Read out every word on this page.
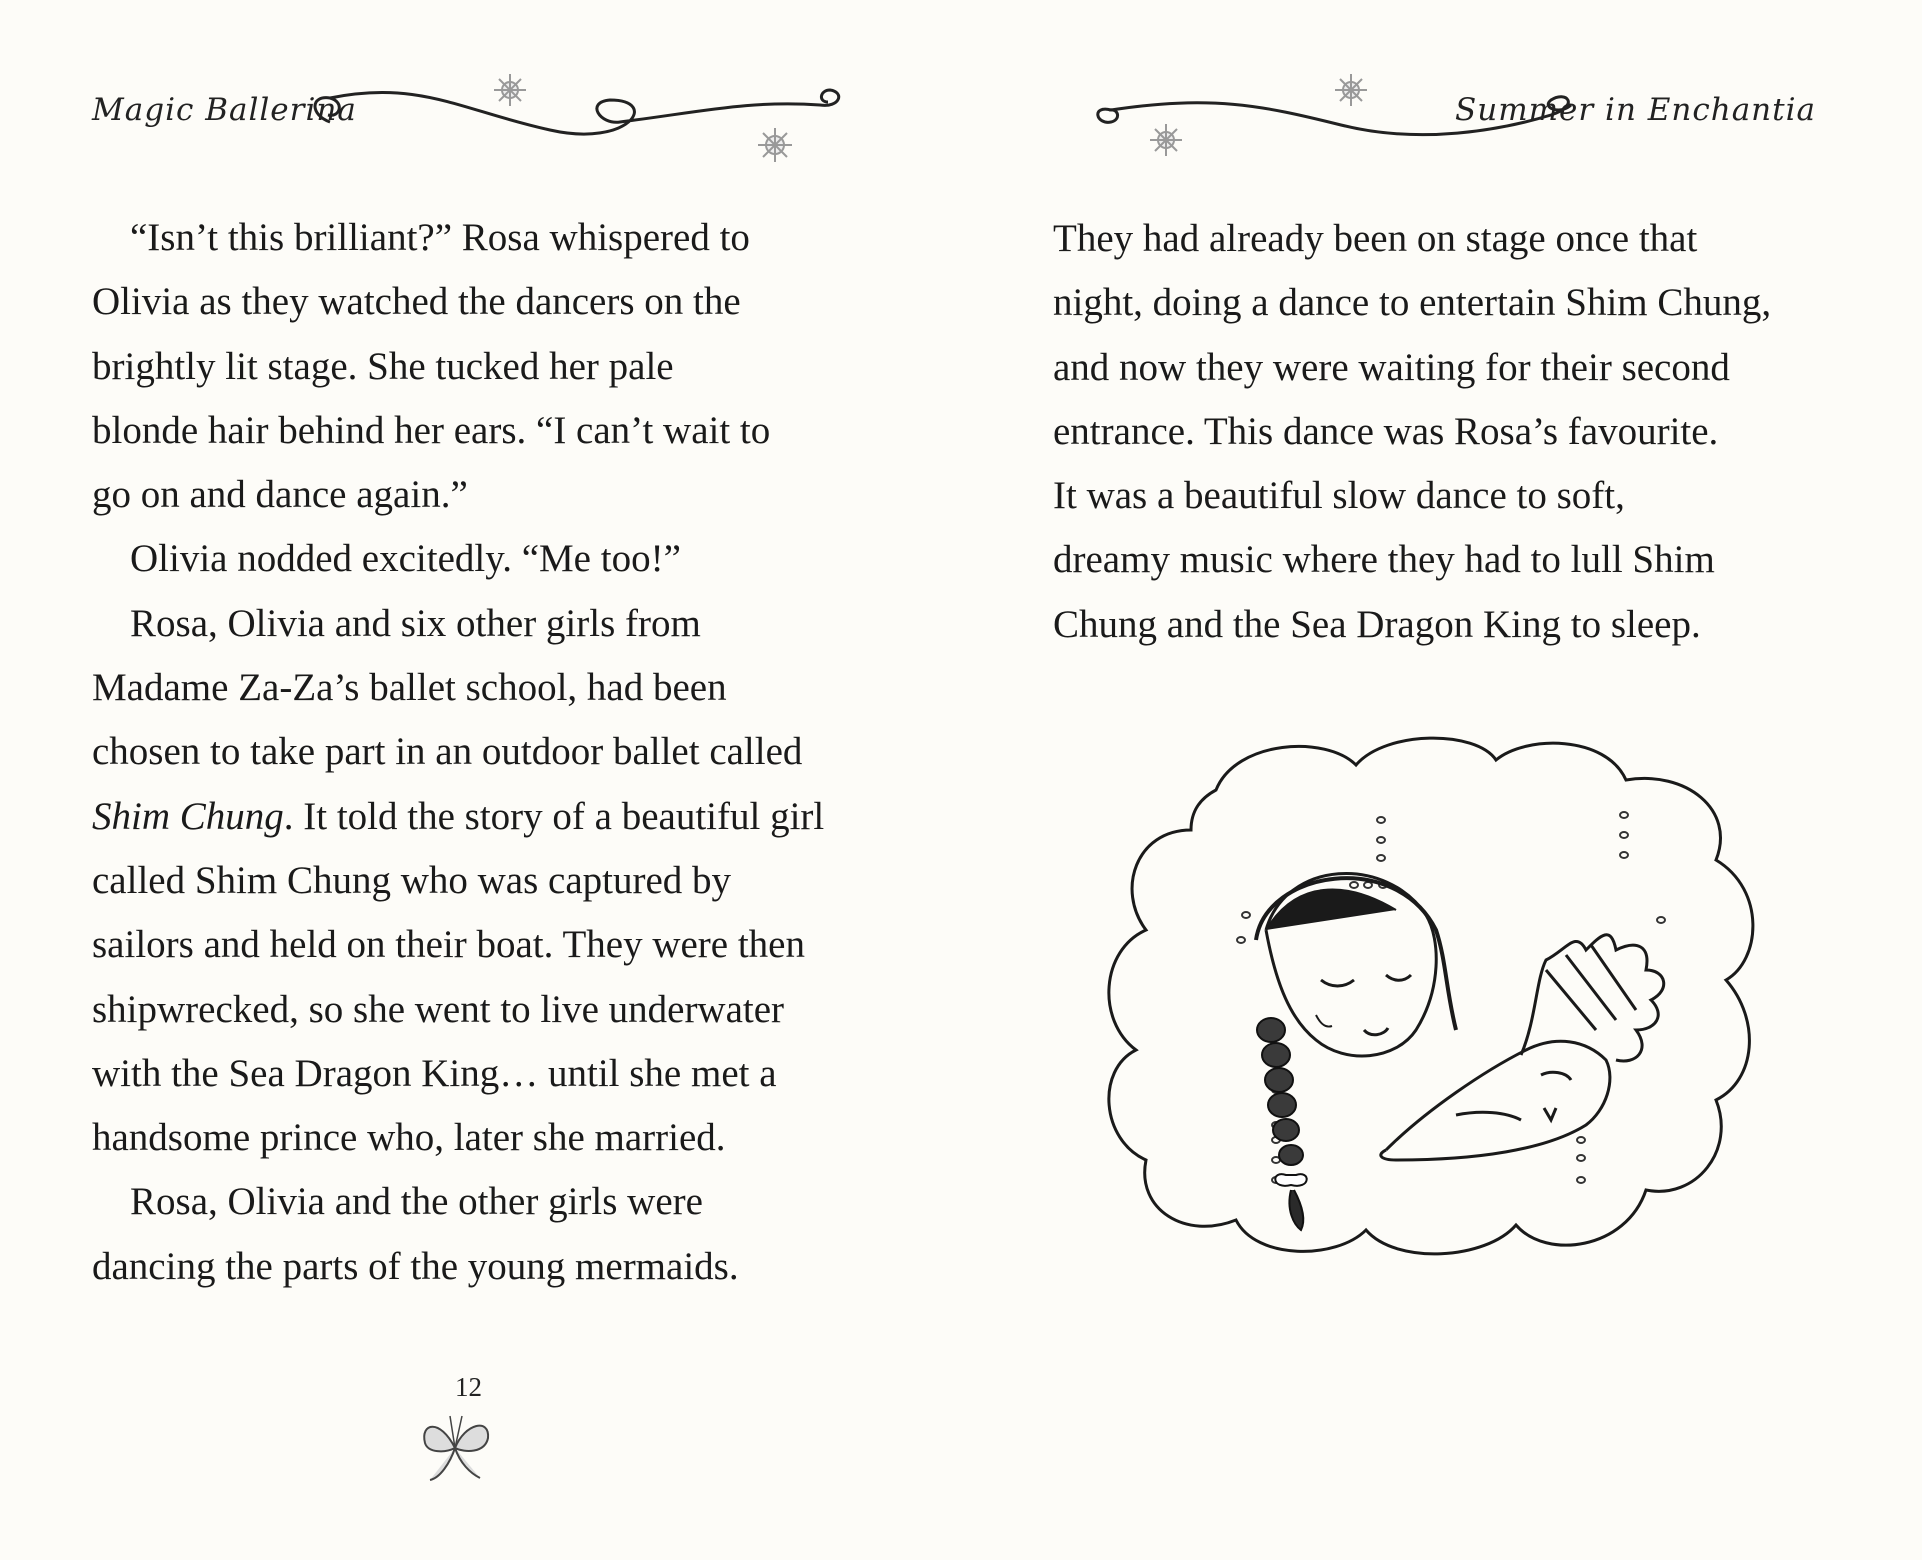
Magic Ballerina
“Isn’t this brilliant?” Rosa whispered to
Olivia as they watched the dancers on the
brightly lit stage. She tucked her pale
blonde hair behind her ears. “I can’t wait to
go on and dance again.”
Olivia nodded excitedly. “Me too!”
Rosa, Olivia and six other girls from
Madame Za-Za’s ballet school, had been
chosen to take part in an outdoor ballet called
Shim Chung. It told the story of a beautiful girl
called Shim Chung who was captured by
sailors and held on their boat. They were then
shipwrecked, so she went to live underwater
with the Sea Dragon King… until she met a
handsome prince who, later she married.
Rosa, Olivia and the other girls were
dancing the parts of the young mermaids.
12
Summer in Enchantia
They had already been on stage once that
night, doing a dance to entertain Shim Chung,
and now they were waiting for their second
entrance. This dance was Rosa’s favourite.
It was a beautiful slow dance to soft,
dreamy music where they had to lull Shim
Chung and the Sea Dragon King to sleep.
